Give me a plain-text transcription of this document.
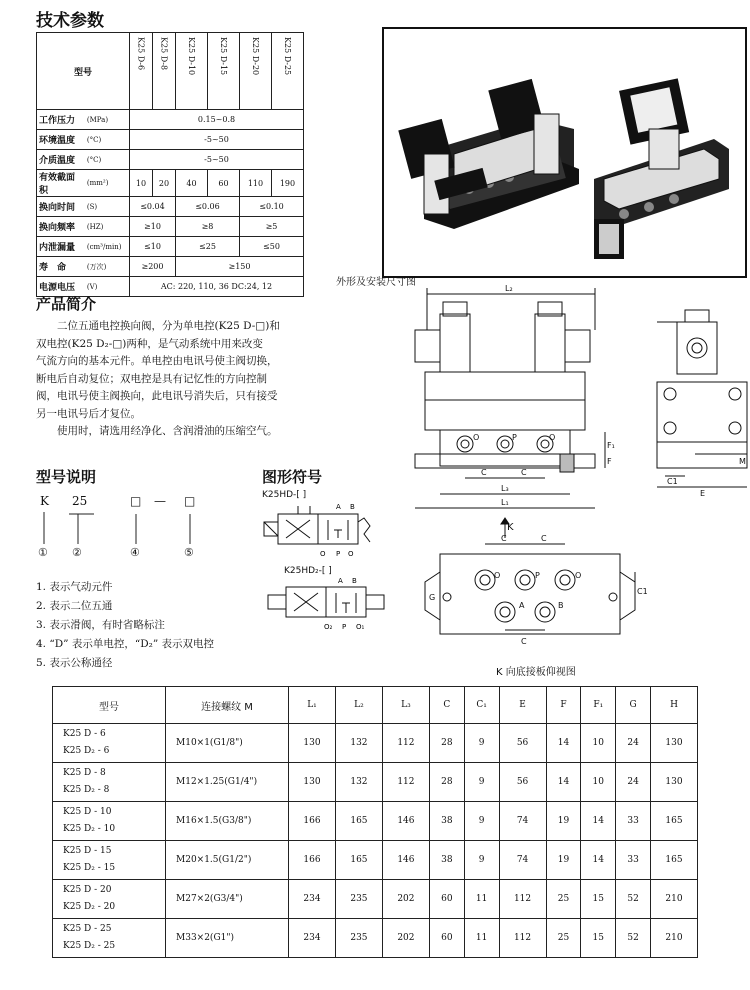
技术参数
型号		K25 D-6	K25 D-8	K25 D-10	K25 D-15	K25 D-20	K25 D-25
工作压力	(MPa)	0.15~0.8					
环境温度	(°C)	-5~50					
介质温度	(°C)	-5~50					
有效截面积	(mm²)	10	20	40	60	110	190
换向时间	(S)	≤0.04		≤0.06		≤0.10	
换向频率	(HZ)	≥10		≥8		≥5	
内泄漏量	(cm³/min)	≤10		≤25		≤50	
寿　命	(万次)	≥200		≥150			
电源电压	(V)	AC: 220, 110, 36 DC:24, 12					
产品简介

二位五通电控换向阀，分为单电控(K25 D-□)和

双电控(K25 D₂-□)两种，是气动系统中用来改变

气流方向的基本元件。单电控由电讯号使主阀切换，

断电后自动复位；双电控是具有记忆性的方向控制

阀，电讯号使主阀换向，此电讯号消失后，只有接受

另一电讯号后才复位。

使用时，请选用经净化、含润滑油的压缩空气。

型号说明
K 25	□ — □
① ②	④	⑤
1. 表示气动元件
2. 表示二位五通
3. 表示滑阀，有时省略标注
4. “D” 表示单电控，“D₂” 表示双电控
5. 表示公称通径
图形符号
K25HD-[ ]
A B
O P O
K25HD₂-[ ]
A B
O₂ P O₁
外形及安装尺寸图
L₂
C	C
L₃
L₁
F
F₁
K
O	P	O
C1
E
M
C	C
C1
G
O	P	O
A	B
C
K 向底接板仰视图
型号	连接螺纹 M	L₁	L₂	L₃	C	C₁	E	F	F₁	G	H

K25 D - 6
K25 D₂ - 6	M10×1(G1/8")	130	132	112	28	9	56	14	10	24	130

K25 D - 8
K25 D₂ - 8	M12×1.25(G1/4")	130	132	112	28	9	56	14	10	24	130

K25 D - 10
K25 D₂ - 10	M16×1.5(G3/8")	166	165	146	38	9	74	19	14	33	165

K25 D - 15
K25 D₂ - 15	M20×1.5(G1/2")	166	165	146	38	9	74	19	14	33	165

K25 D - 20
K25 D₂ - 20	M27×2(G3/4")	234	235	202	60	11	112	25	15	52	210

K25 D - 25
K25 D₂ - 25	M33×2(G1")	234	235	202	60	11	112	25	15	52	210
